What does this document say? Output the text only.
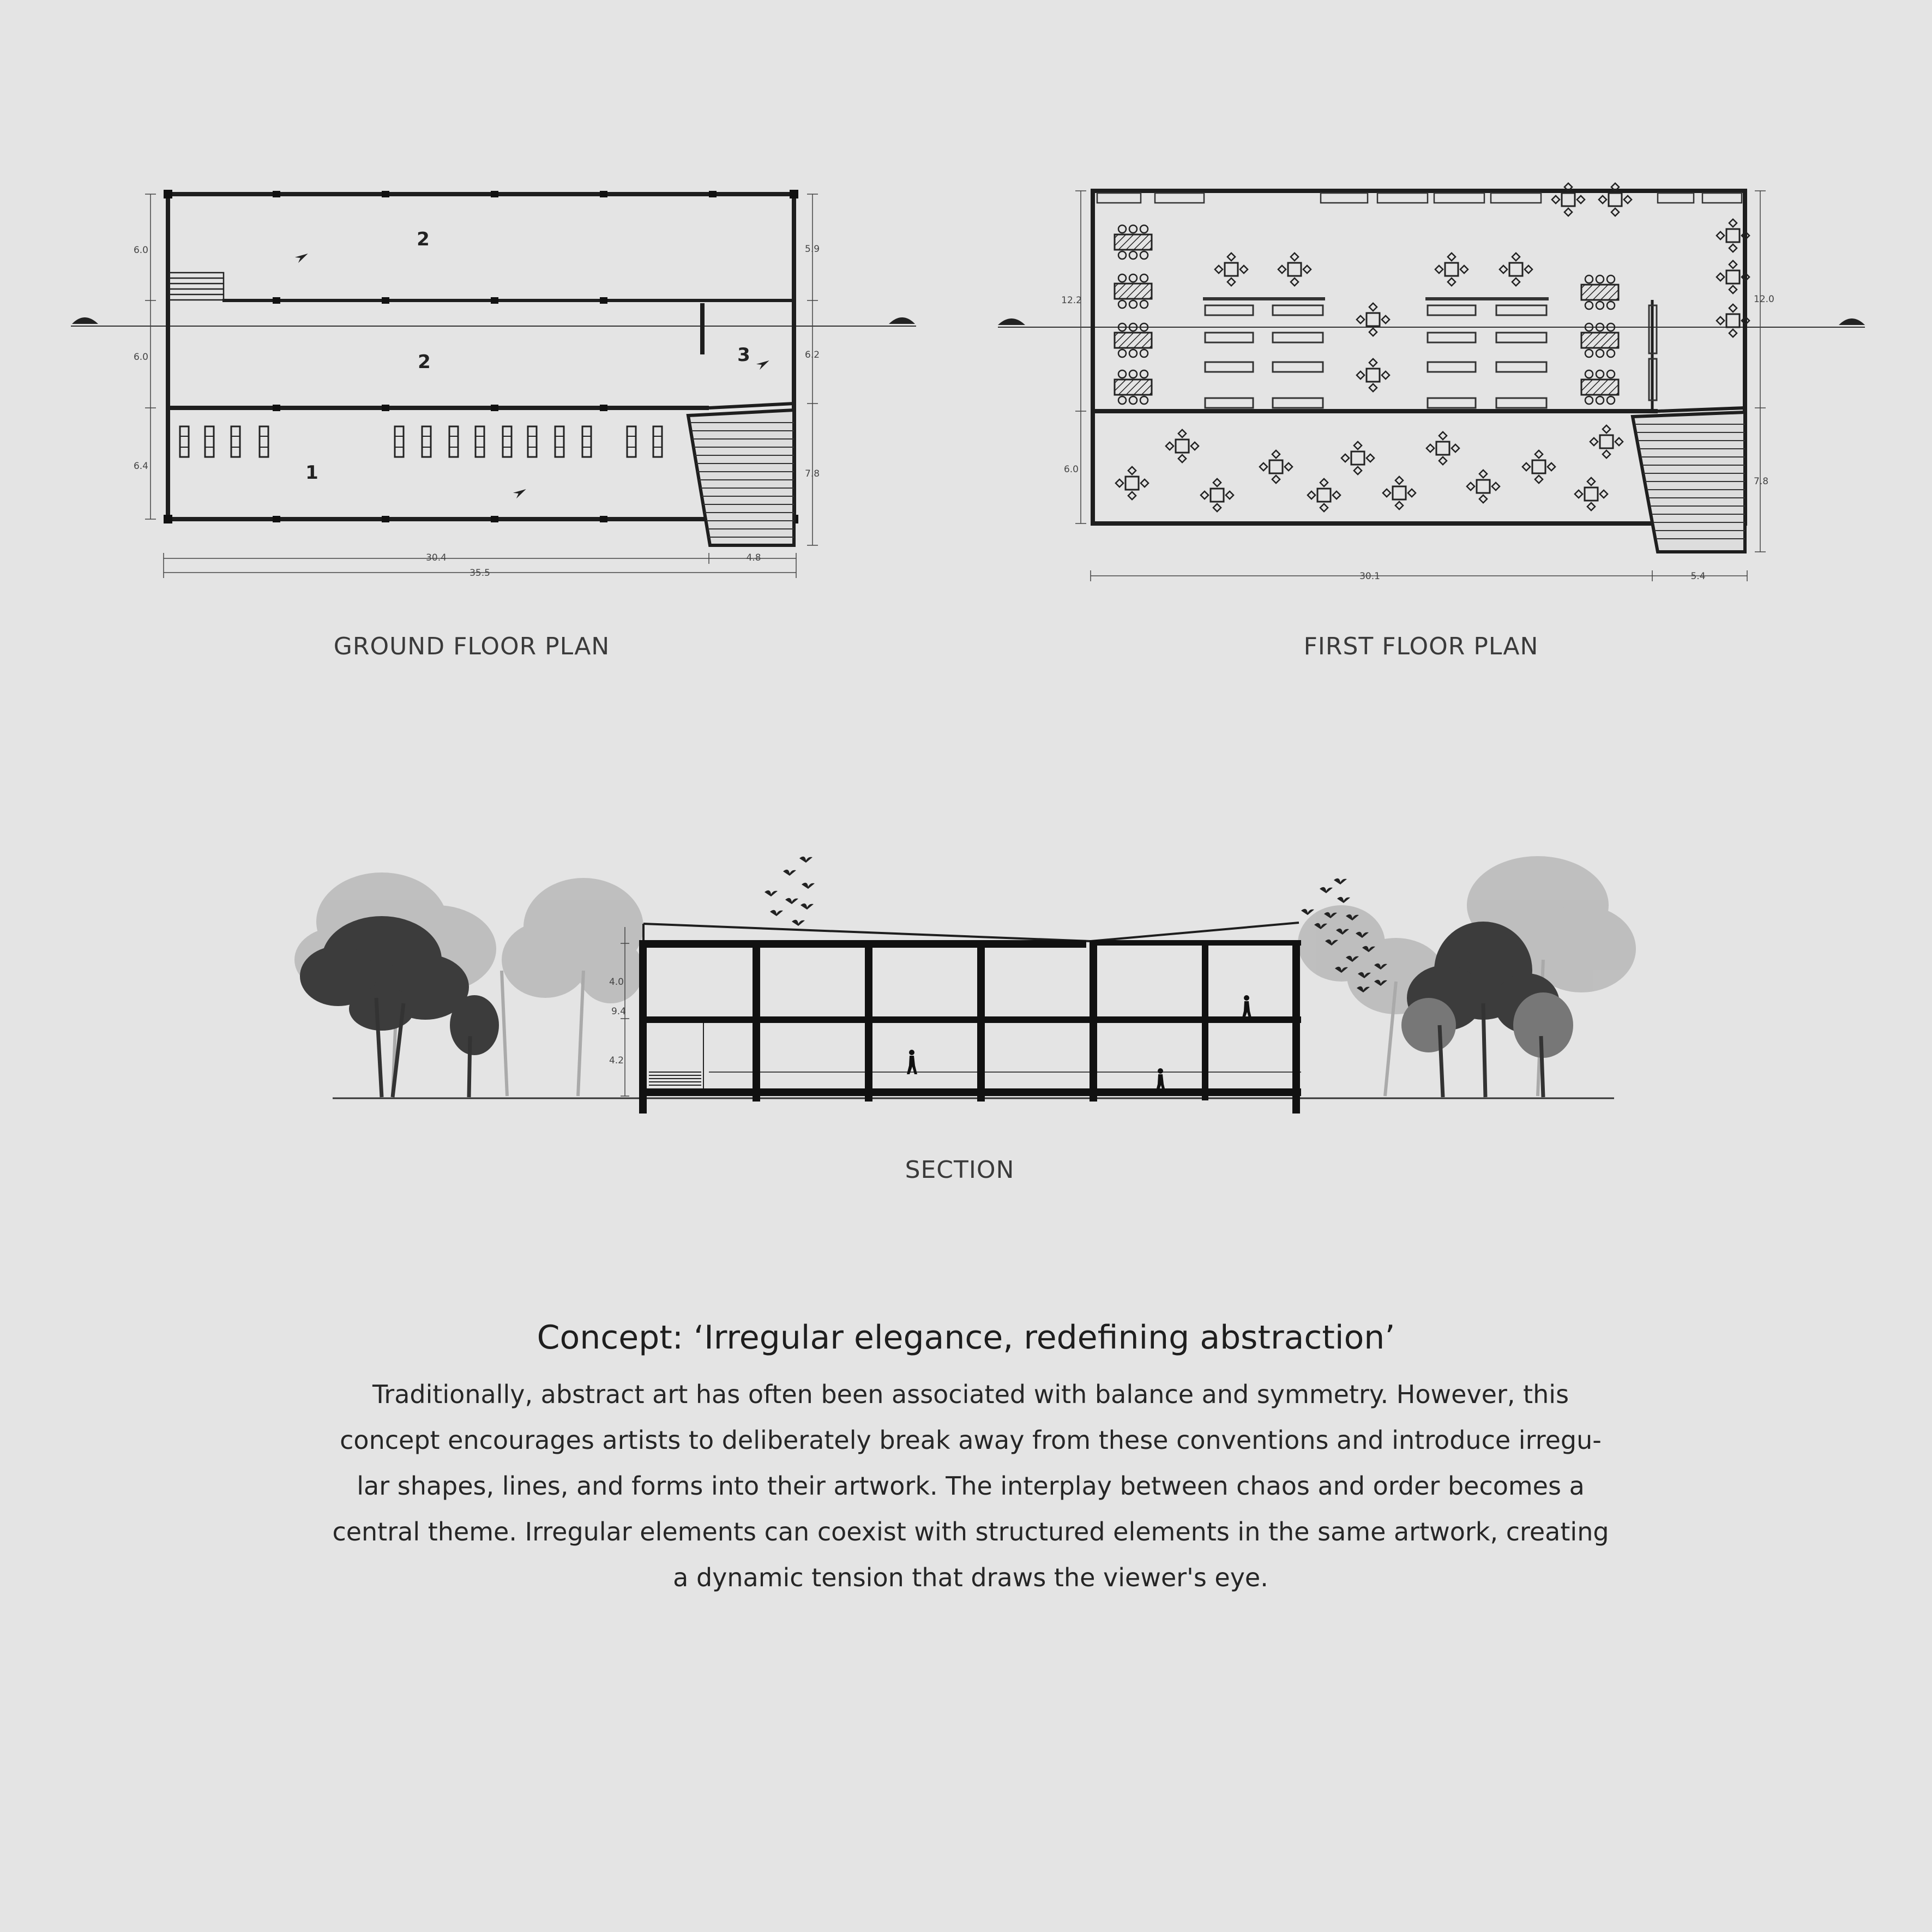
2
2	3
1
6.0
6.0
6.4
5.9
6.2
7.8
30.4	4.8
35.5
12.2
6.0
12.0
7.8
30.1	5.4
4.0
9.4
4.2
GROUND FLOOR PLAN	FIRST FLOOR PLAN
SECTION
Concept: ‘Irregular elegance, redefining abstraction’
Traditionally, abstract art has often been associated with balance and symmetry. However, this
concept encourages artists to deliberately break away from these conventions and introduce irregu-
lar shapes, lines, and forms into their artwork. The interplay between chaos and order becomes a
central theme. Irregular elements can coexist with structured elements in the same artwork, creating
a dynamic tension that draws the viewer's eye.
